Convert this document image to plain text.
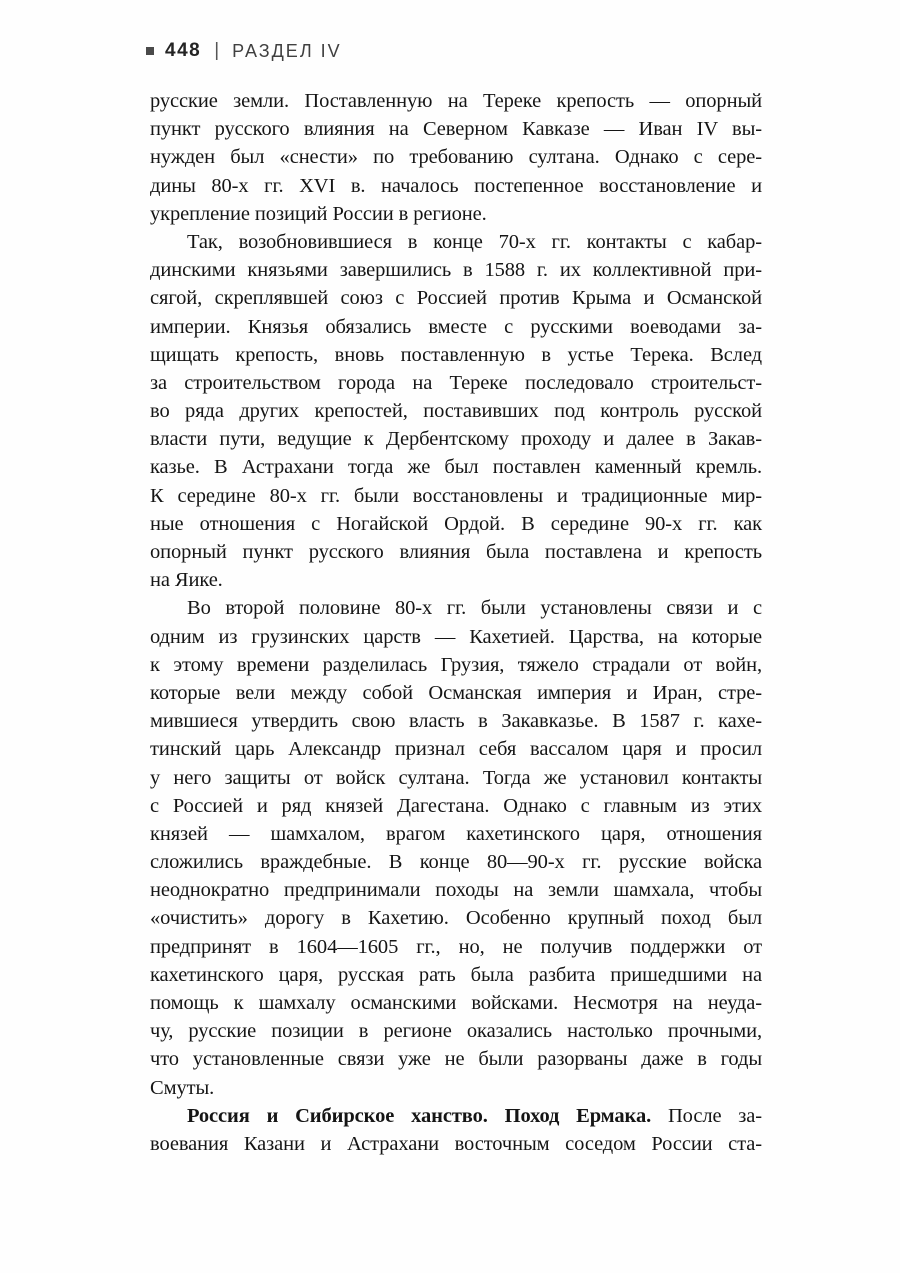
448 | РАЗДЕЛ IV
русские земли. Поставленную на Тереке крепость — опорный
пункт русского влияния на Северном Кавказе — Иван IV вы-
нужден был «снести» по требованию султана. Однако с сере-
дины 80-х гг. XVI в. началось постепенное восстановление и
укрепление позиций России в регионе.
Так, возобновившиеся в конце 70-х гг. контакты с кабар-
динскими князьями завершились в 1588 г. их коллективной при-
сягой, скреплявшей союз с Россией против Крыма и Османской
империи. Князья обязались вместе с русскими воеводами за-
щищать крепость, вновь поставленную в устье Терека. Вслед
за строительством города на Тереке последовало строительст-
во ряда других крепостей, поставивших под контроль русской
власти пути, ведущие к Дербентскому проходу и далее в Закав-
казье. В Астрахани тогда же был поставлен каменный кремль.
К середине 80-х гг. были восстановлены и традиционные мир-
ные отношения с Ногайской Ордой. В середине 90-х гг. как
опорный пункт русского влияния была поставлена и крепость
на Яике.
Во второй половине 80-х гг. были установлены связи и с
одним из грузинских царств — Кахетией. Царства, на которые
к этому времени разделилась Грузия, тяжело страдали от войн,
которые вели между собой Османская империя и Иран, стре-
мившиеся утвердить свою власть в Закавказье. В 1587 г. кахе-
тинский царь Александр признал себя вассалом царя и просил
у него защиты от войск султана. Тогда же установил контакты
с Россией и ряд князей Дагестана. Однако с главным из этих
князей — шамхалом, врагом кахетинского царя, отношения
сложились враждебные. В конце 80—90-х гг. русские войска
неоднократно предпринимали походы на земли шамхала, чтобы
«очистить» дорогу в Кахетию. Особенно крупный поход был
предпринят в 1604—1605 гг., но, не получив поддержки от
кахетинского царя, русская рать была разбита пришедшими на
помощь к шамхалу османскими войсками. Несмотря на неуда-
чу, русские позиции в регионе оказались настолько прочными,
что установленные связи уже не были разорваны даже в годы
Смуты.
Россия и Сибирское ханство. Поход Ермака. После за-
воевания Казани и Астрахани восточным соседом России ста-
